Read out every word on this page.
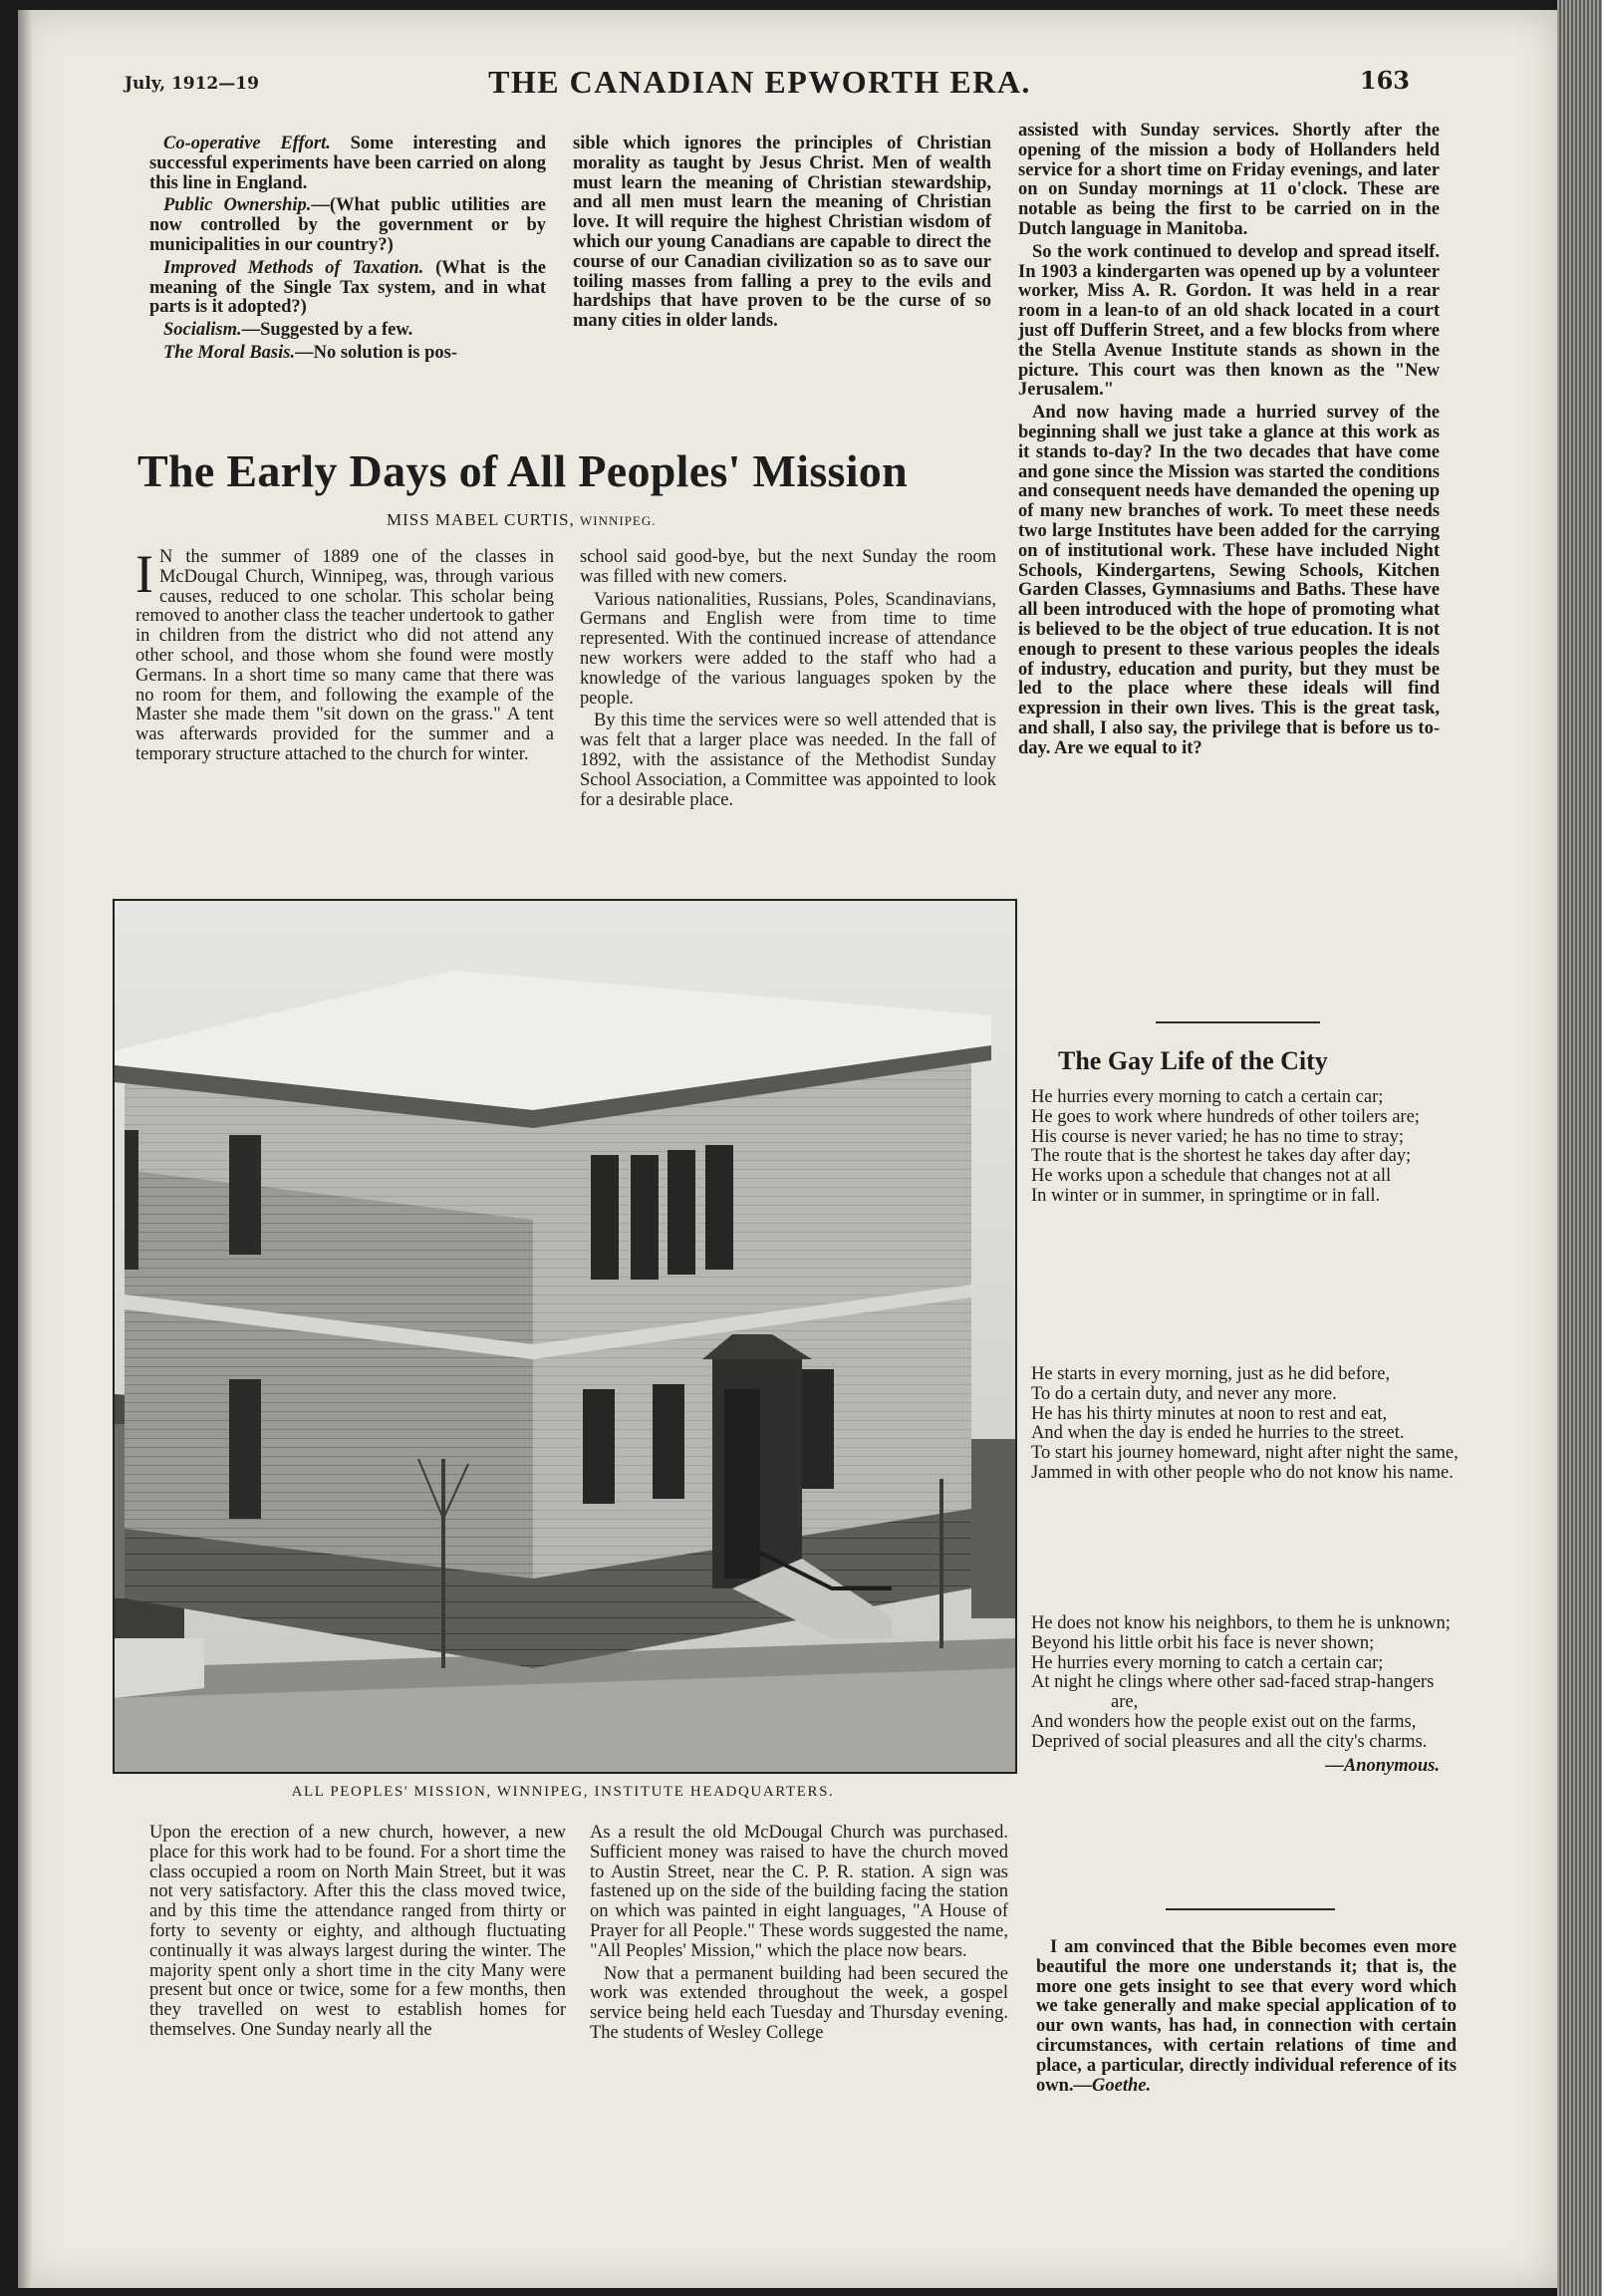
July, 1912—19	THE CANADIAN EPWORTH ERA.	163

Co-operative Effort. Some interesting and successful experiments have been carried on along this line in England.

Public Ownership.—(What public utilities are now controlled by the government or by municipalities in our country?)

Improved Methods of Taxation. (What is the meaning of the Single Tax system, and in what parts is it adopted?)

Socialism.—Suggested by a few.

The Moral Basis.—No solution is pos-

sible which ignores the principles of Christian morality as taught by Jesus Christ. Men of wealth must learn the meaning of Christian stewardship, and all men must learn the meaning of Christian love. It will require the highest Christian wisdom of which our young Canadians are capable to direct the course of our Canadian civilization so as to save our toiling masses from falling a prey to the evils and hardships that have proven to be the curse of so many cities in older lands.

assisted with Sunday services. Shortly after the opening of the mission a body of Hollanders held service for a short time on Friday evenings, and later on on Sunday mornings at 11 o'clock. These are notable as being the first to be carried on in the Dutch language in Manitoba.

So the work continued to develop and spread itself. In 1903 a kindergarten was opened up by a volunteer worker, Miss A. R. Gordon. It was held in a rear room in a lean-to of an old shack located in a court just off Dufferin Street, and a few blocks from where the Stella Avenue Institute stands as shown in the picture. This court was then known as the "New Jerusalem."

And now having made a hurried survey of the beginning shall we just take a glance at this work as it stands to-day? In the two decades that have come and gone since the Mission was started the conditions and consequent needs have demanded the opening up of many new branches of work. To meet these needs two large Institutes have been added for the carrying on of institutional work. These have included Night Schools, Kindergartens, Sewing Schools, Kitchen Garden Classes, Gymnasiums and Baths. These have all been introduced with the hope of promoting what is believed to be the object of true education. It is not enough to present to these various peoples the ideals of industry, education and purity, but they must be led to the place where these ideals will find expression in their own lives. This is the great task, and shall, I also say, the privilege that is before us to-day. Are we equal to it?

The Early Days of All Peoples' Mission
MISS MABEL CURTIS, WINNIPEG.

I N the summer of 1889 one of the classes in McDougal Church, Winnipeg, was, through various causes, reduced to one scholar. This scholar being removed to another class the teacher undertook to gather in children from the district who did not attend any other school, and those whom she found were mostly Germans. In a short time so many came that there was no room for them, and following the example of the Master she made them "sit down on the grass." A tent was afterwards provided for the summer and a temporary structure attached to the church for winter.

school said good-bye, but the next Sunday the room was filled with new comers.

Various nationalities, Russians, Poles, Scandinavians, Germans and English were from time to time represented. With the continued increase of attendance new workers were added to the staff who had a knowledge of the various languages spoken by the people.

By this time the services were so well attended that is was felt that a larger place was needed. In the fall of 1892, with the assistance of the Methodist Sunday School Association, a Committee was appointed to look for a desirable place.

ALL PEOPLES' MISSION, WINNIPEG, INSTITUTE HEADQUARTERS.

Upon the erection of a new church, however, a new place for this work had to be found. For a short time the class occupied a room on North Main Street, but it was not very satisfactory. After this the class moved twice, and by this time the attendance ranged from thirty or forty to seventy or eighty, and although fluctuating continually it was always largest during the winter. The majority spent only a short time in the city Many were present but once or twice, some for a few months, then they travelled on west to establish homes for themselves. One Sunday nearly all the

As a result the old McDougal Church was purchased. Sufficient money was raised to have the church moved to Austin Street, near the C. P. R. station. A sign was fastened up on the side of the building facing the station on which was painted in eight languages, "A House of Prayer for all People." These words suggested the name, "All Peoples' Mission," which the place now bears.

Now that a permanent building had been secured the work was extended throughout the week, a gospel service being held each Tuesday and Thursday evening. The students of Wesley College

The Gay Life of the City

He hurries every morning to catch a certain car;

He goes to work where hundreds of other toilers are;

His course is never varied; he has no time to stray;

The route that is the shortest he takes day after day;

He works upon a schedule that changes not at all

In winter or in summer, in springtime or in fall.

He starts in every morning, just as he did before,

To do a certain duty, and never any more.

He has his thirty minutes at noon to rest and eat,

And when the day is ended he hurries to the street.

To start his journey homeward, night after night the same,

Jammed in with other people who do not know his name.

He does not know his neighbors, to them he is unknown;

Beyond his little orbit his face is never shown;

He hurries every morning to catch a certain car;

At night he clings where other sad-faced strap-hangers are,

And wonders how the people exist out on the farms,

Deprived of social pleasures and all the city's charms.

—Anonymous.

I am convinced that the Bible becomes even more beautiful the more one understands it; that is, the more one gets insight to see that every word which we take generally and make special application of to our own wants, has had, in connection with certain circumstances, with certain relations of time and place, a particular, directly individual reference of its own.—Goethe.
